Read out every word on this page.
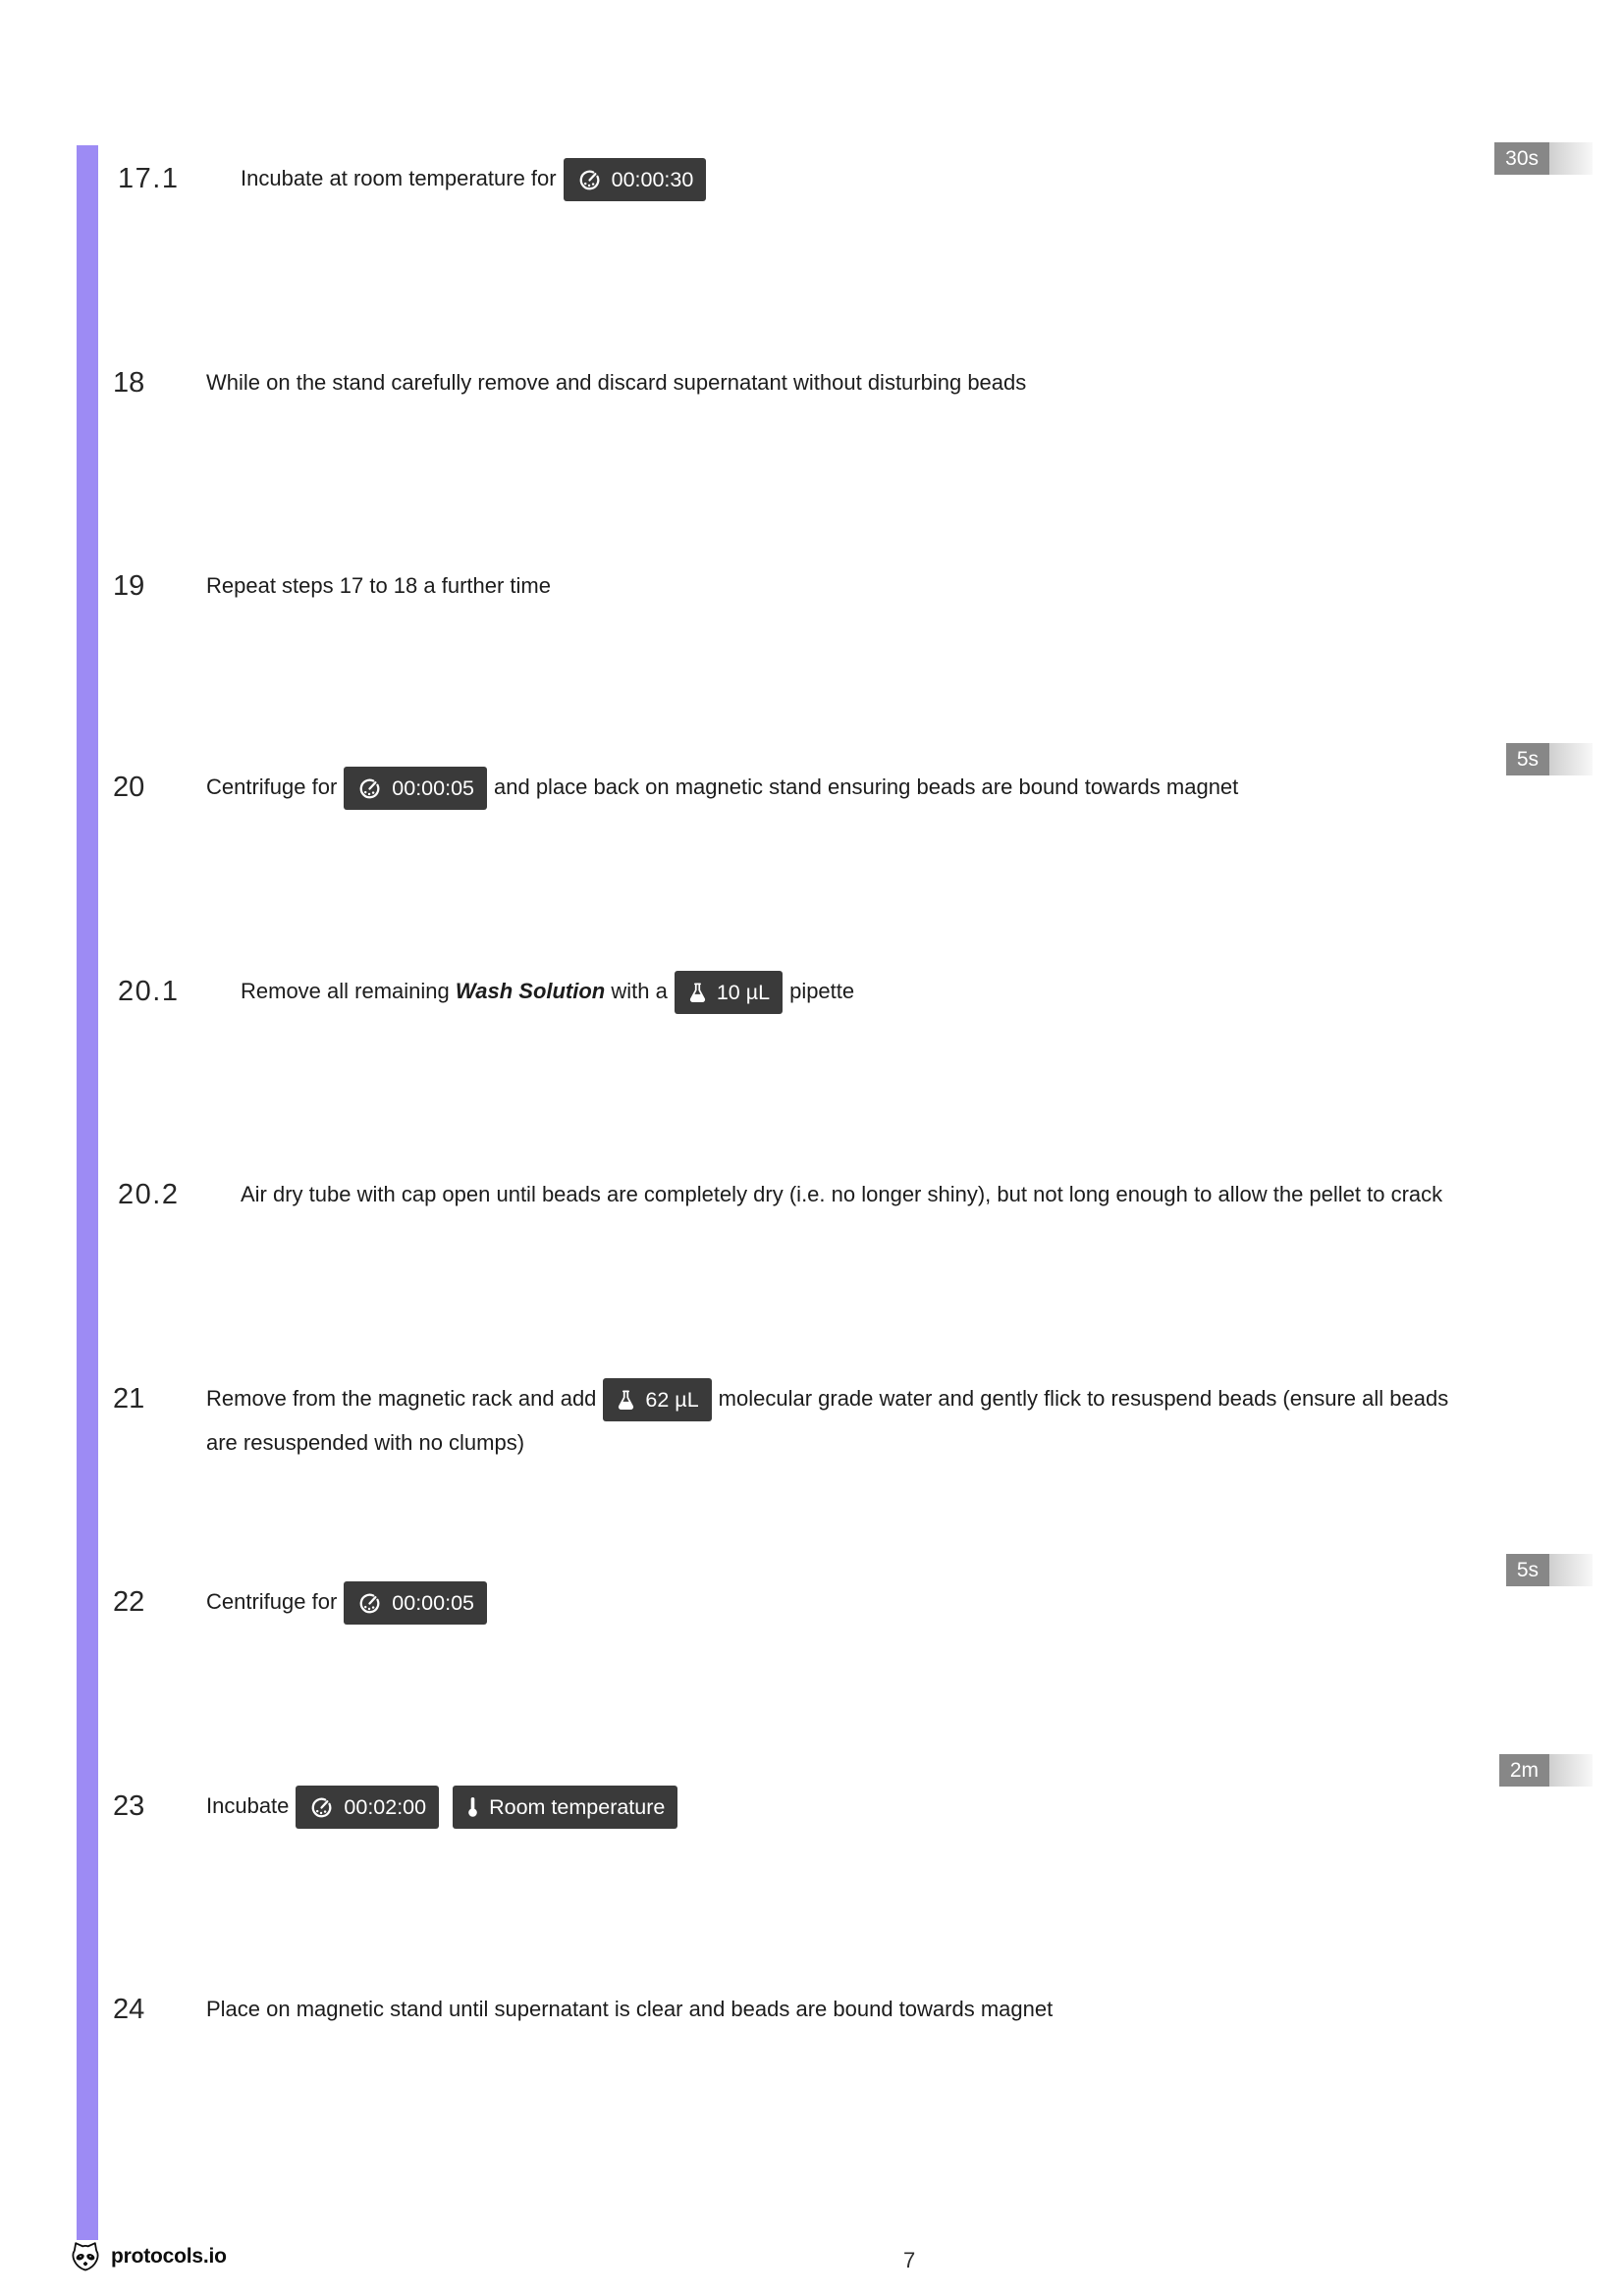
17.1	Incubate at room temperature for	00:00:30

30s
18	While on the stand carefully remove and discard supernatant without disturbing beads

19	Repeat steps 17 to 18 a further time

20	Centrifuge for	00:00:05 and place back on magnetic stand ensuring beads are bound towards magnet

5s
20.1	Remove all remaining Wash Solution with a 10 µL pipette

20.2	Air dry tube with cap open until beads are completely dry (i.e. no longer shiny), but not long enough to allow the pellet to crack

21	Remove from the magnetic rack and add 62 µL molecular grade water and gently flick to resuspend beads (ensure all beads are resuspended with no clumps)

22	Centrifuge for	00:00:05

5s
23	Incubate	00:02:00	Room temperature

2m
24	Place on magnetic stand until supernatant is clear and beads are bound towards magnet

protocols.io	7
